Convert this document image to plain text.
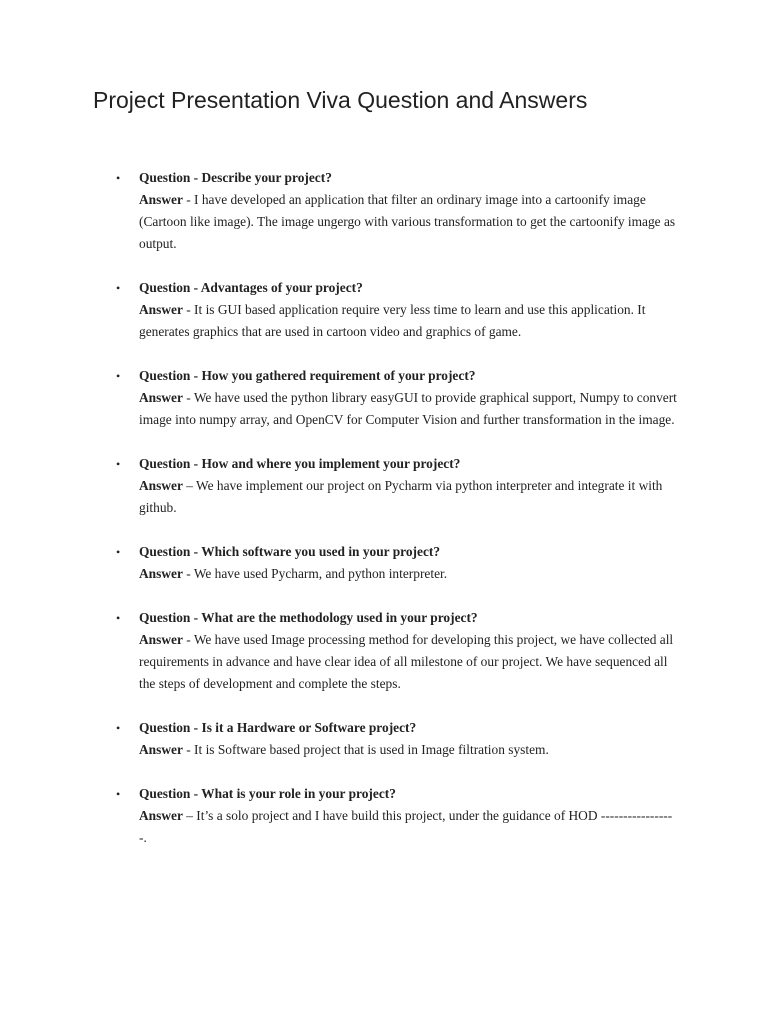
Project Presentation Viva Question and Answers
• Question - Describe your project?

Answer - I have developed an application that filter an ordinary image into a cartoonify image (Cartoon like image). The image ungergo with various transformation to get the cartoonify image as output.

• Question - Advantages of your project?

Answer - It is GUI based application require very less time to learn and use this application. It generates graphics that are used in cartoon video and graphics of game.

• Question - How you gathered requirement of your project?

Answer - We have used the python library easyGUI to provide graphical support, Numpy to convert image into numpy array, and OpenCV for Computer Vision and further transformation in the image.

• Question - How and where you implement your project?

Answer – We have implement our project on Pycharm via python interpreter and integrate it with github.

• Question - Which software you used in your project?

Answer - We have used Pycharm, and python interpreter.

• Question - What are the methodology used in your project?

Answer - We have used Image processing method for developing this project, we have collected all requirements in advance and have clear idea of all milestone of our project. We have sequenced all the steps of development and complete the steps.

• Question - Is it a Hardware or Software project?

Answer - It is Software based project that is used in Image filtration system.

• Question - What is your role in your project?

Answer – It’s a solo project and I have build this project, under the guidance of HOD -----------------.
